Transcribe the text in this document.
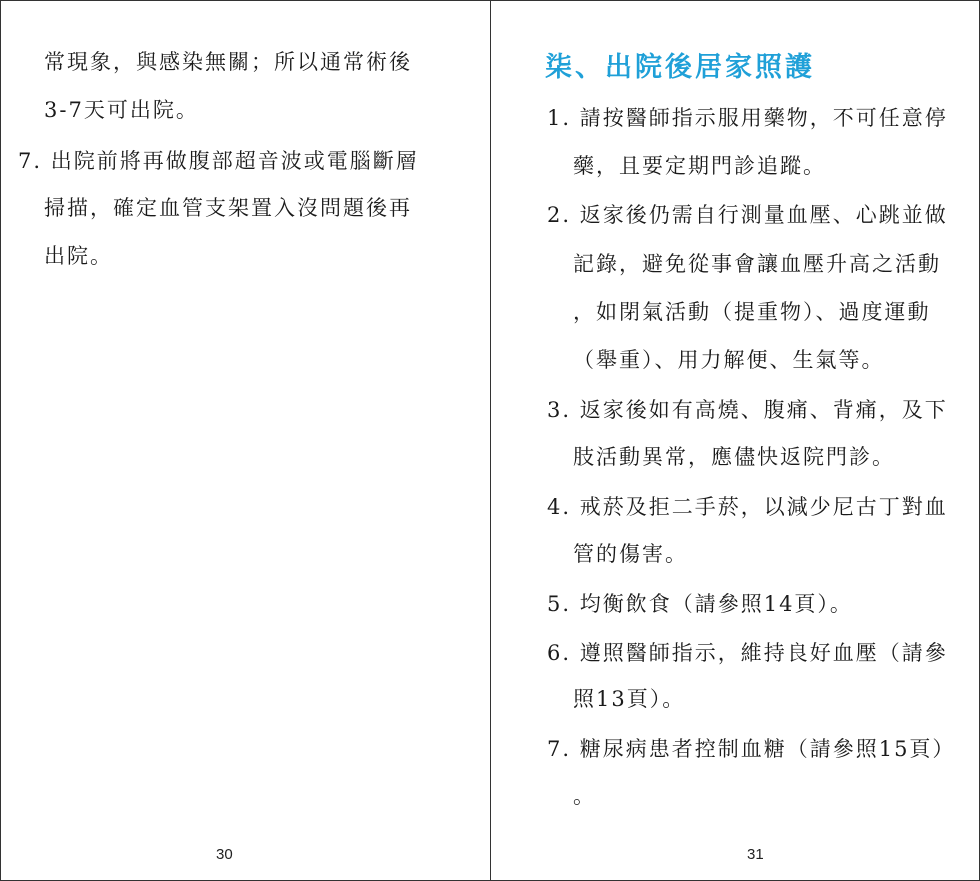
常現象，與感染無關；所以通常術後
3-7天可出院。
7. 出院前將再做腹部超音波或電腦斷層
掃描，確定血管支架置入沒問題後再
出院。
30
柒、出院後居家照護
1. 請按醫師指示服用藥物，不可任意停
藥，且要定期門診追蹤。
2. 返家後仍需自行測量血壓、心跳並做
記錄，避免從事會讓血壓升高之活動
，如閉氣活動（提重物）、過度運動
（舉重）、用力解便、生氣等。
3. 返家後如有高燒、腹痛、背痛，及下
肢活動異常，應儘快返院門診。
4. 戒菸及拒二手菸，以減少尼古丁對血
管的傷害。
5. 均衡飲食（請參照14頁）。
6. 遵照醫師指示，維持良好血壓（請參
照13頁）。
7. 糖尿病患者控制血糖（請參照15頁）
。
31
